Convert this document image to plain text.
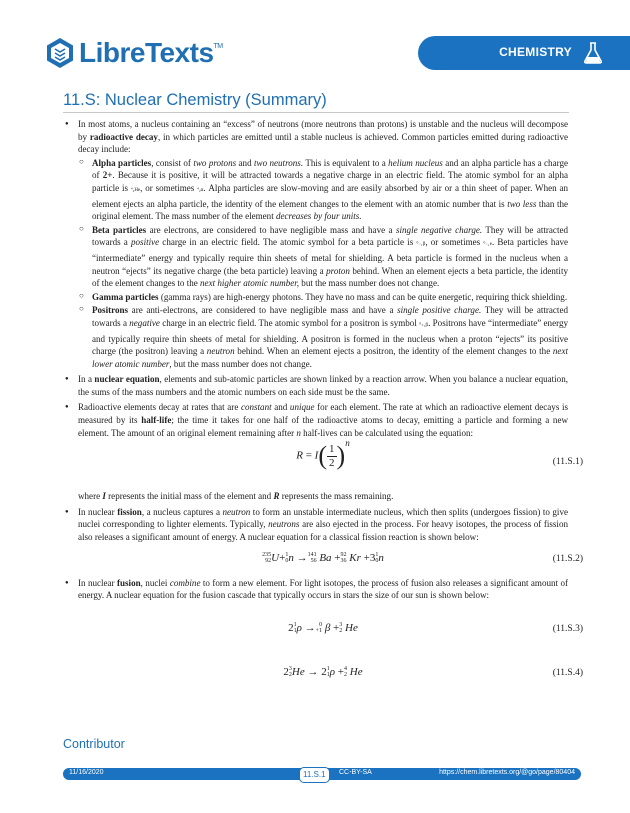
LibreTexts™	CHEMISTRY
11.S: Nuclear Chemistry (Summary)
● In most atoms, a nucleus containing an “excess” of neutrons (more neutrons than protons) is unstable and the nucleus will decompose by radioactive decay, in which particles are emitted until a stable nucleus is achieved. Common particles emitted during radioactive decay include:
○ Alpha particles, consist of two protons and two neutrons. This is equivalent to a helium nucleus and an alpha particle has a charge of 2+. Because it is positive, it will be attracted towards a negative charge in an electric field. The atomic symbol for an alpha particle is ⁴₂He, or sometimes ⁴₂α. Alpha particles are slow-moving and are easily absorbed by air or a thin sheet of paper. When an element ejects an alpha particle, the identity of the element changes to the element with an atomic number that is two less than the original element. The mass number of the element decreases by four units.
○ Beta particles are electrons, are considered to have negligible mass and have a single negative charge. They will be attracted towards a positive charge in an electric field. The atomic symbol for a beta particle is ⁰₋₁β, or sometimes ⁰₋₁e. Beta particles have “intermediate” energy and typically require thin sheets of metal for shielding. A beta particle is formed in the nucleus when a neutron “ejects” its negative charge (the beta particle) leaving a proton behind. When an element ejects a beta particle, the identity of the element changes to the next higher atomic number, but the mass number does not change.
○ Gamma particles (gamma rays) are high-energy photons. They have no mass and can be quite energetic, requiring thick shielding.
○ Positrons are anti-electrons, are considered to have negligible mass and have a single positive charge. They will be attracted towards a negative charge in an electric field. The atomic symbol for a positron is symbol ⁰₊₁β. Positrons have “intermediate” energy and typically require thin sheets of metal for shielding. A positron is formed in the nucleus when a proton “ejects” its positive charge (the positron) leaving a neutron behind. When an element ejects a positron, the identity of the element changes to the next lower atomic number, but the mass number does not change.
● In a nuclear equation, elements and sub-atomic particles are shown linked by a reaction arrow. When you balance a nuclear equation, the sums of the mass numbers and the atomic numbers on each side must be the same.
● Radioactive elements decay at rates that are constant and unique for each element. The rate at which an radioactive element decays is measured by its half-life; the time it takes for one half of the radioactive atoms to decay, emitting a particle and forming a new element. The amount of an original element remaining after n half-lives can be calculated using the equation:
$R = I( \frac{1}{2} )^n$
(11.S.1)
where I represents the initial mass of the element and R represents the mass remaining.
● In nuclear fission, a nucleus captures a neutron to form an unstable intermediate nucleus, which then splits (undergoes fission) to give nuclei corresponding to lighter elements. Typically, neutrons are also ejected in the process. For heavy isotopes, the process of fission also releases a significant amount of energy. A nuclear equation for a classical fission reaction is shown below:
235
92 U+ 1
0 n → 141
56 Ba + 92
36 Kr +3 1
0 n	(11.S.2)
● In nuclear fusion, nuclei combine to form a new element. For light isotopes, the process of fusion also releases a significant amount of energy. A nuclear equation for the fusion cascade that typically occurs in stars the size of our sun is shown below:
2 1
1 ρ → 0
+1 β + 3
2 He	(11.S.3)
2 3
2 He → 2 1
1 ρ + 4
2 He	(11.S.4)
Contributor
11/16/2020	11.S.1	CC-BY-SA	https://chem.libretexts.org/@go/page/80404
